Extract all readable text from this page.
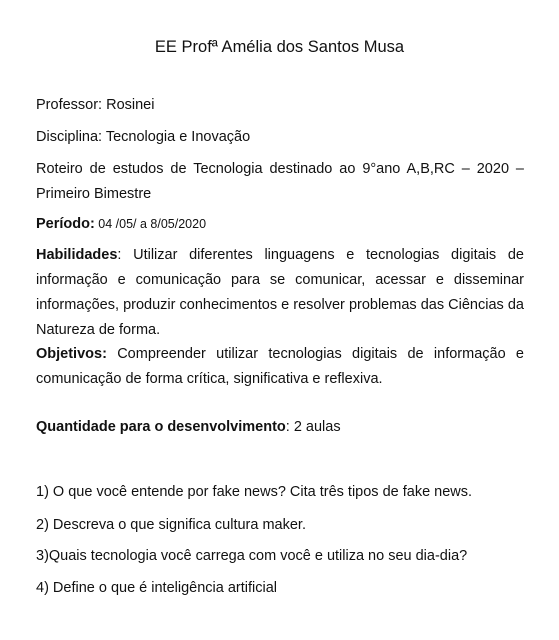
EE Profª Amélia dos Santos Musa
Professor: Rosinei
Disciplina: Tecnologia e Inovação
Roteiro de estudos de Tecnologia destinado ao 9°ano A,B,RC – 2020 – Primeiro Bimestre
Período: 04 /05/ a 8/05/2020
Habilidades: Utilizar diferentes linguagens e tecnologias digitais de informação e comunicação para se comunicar, acessar e disseminar informações, produzir conhecimentos e resolver problemas das Ciências da Natureza de forma.
Objetivos: Compreender utilizar tecnologias digitais de informação e comunicação de forma crítica, significativa e reflexiva.
Quantidade para o desenvolvimento: 2 aulas
1) O que você entende por fake news? Cita três tipos de fake news.
2) Descreva o que significa cultura maker.
3)Quais tecnologia você carrega com você e utiliza no seu dia-dia?
4) Define o que é inteligência artificial
